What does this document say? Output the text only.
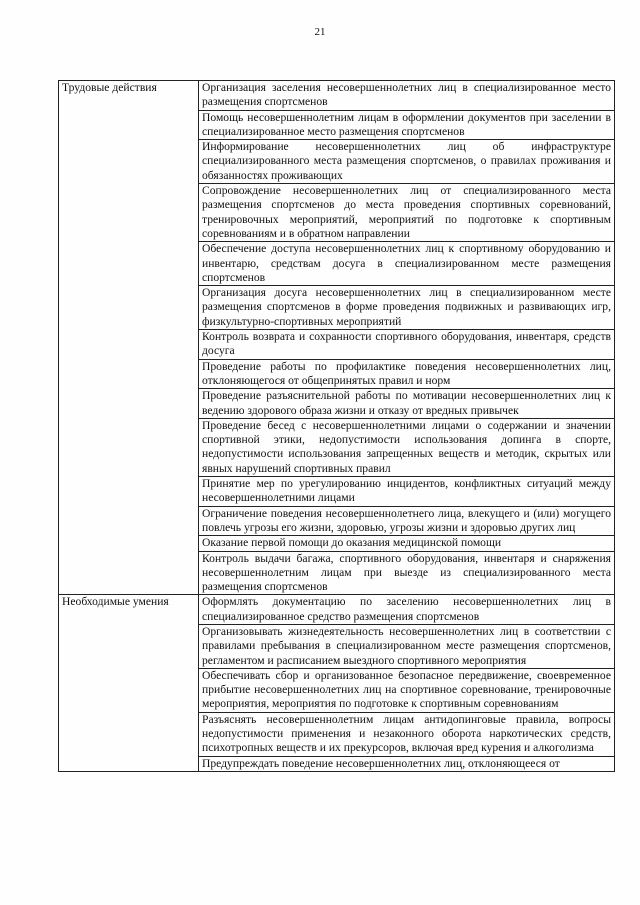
21
Трудовые действия	Организация заселения несовершеннолетних лиц в специализированное место размещения спортсменов
	Помощь несовершеннолетним лицам в оформлении документов при заселении в специализированное место размещения спортсменов
	Информирование несовершеннолетних лиц об инфраструктуре специализированного места размещения спортсменов, о правилах проживания и обязанностях проживающих
	Сопровождение несовершеннолетних лиц от специализированного места размещения спортсменов до места проведения спортивных соревнований, тренировочных мероприятий, мероприятий по подготовке к спортивным соревнованиям и в обратном направлении
	Обеспечение доступа несовершеннолетних лиц к спортивному оборудованию и инвентарю, средствам досуга в специализированном месте размещения спортсменов
	Организация досуга несовершеннолетних лиц в специализированном месте размещения спортсменов в форме проведения подвижных и развивающих игр, физкультурно-спортивных мероприятий
	Контроль возврата и сохранности спортивного оборудования, инвентаря, средств досуга
	Проведение работы по профилактике поведения несовершеннолетних лиц, отклоняющегося от общепринятых правил и норм
	Проведение разъяснительной работы по мотивации несовершеннолетних лиц к ведению здорового образа жизни и отказу от вредных привычек
	Проведение бесед с несовершеннолетними лицами о содержании и значении спортивной этики, недопустимости использования допинга в спорте, недопустимости использования запрещенных веществ и методик, скрытых или явных нарушений спортивных правил
	Принятие мер по урегулированию инцидентов, конфликтных ситуаций между несовершеннолетними лицами
	Ограничение поведения несовершеннолетнего лица, влекущего и (или) могущего повлечь угрозы его жизни, здоровью, угрозы жизни и здоровью других лиц
	Оказание первой помощи до оказания медицинской помощи
	Контроль выдачи багажа, спортивного оборудования, инвентаря и снаряжения несовершеннолетним лицам при выезде из специализированного места размещения спортсменов
Необходимые умения	Оформлять документацию по заселению несовершеннолетних лиц в специализированное средство размещения спортсменов
	Организовывать жизнедеятельность несовершеннолетних лиц в соответствии с правилами пребывания в специализированном месте размещения спортсменов, регламентом и расписанием выездного спортивного мероприятия
	Обеспечивать сбор и организованное безопасное передвижение, своевременное прибытие несовершеннолетних лиц на спортивное соревнование, тренировочные мероприятия, мероприятия по подготовке к спортивным соревнованиям
	Разъяснять несовершеннолетним лицам антидопинговые правила, вопросы недопустимости применения и незаконного оборота наркотических средств, психотропных веществ и их прекурсоров, включая вред курения и алкоголизма
	Предупреждать поведение несовершеннолетних лиц, отклоняющееся от
